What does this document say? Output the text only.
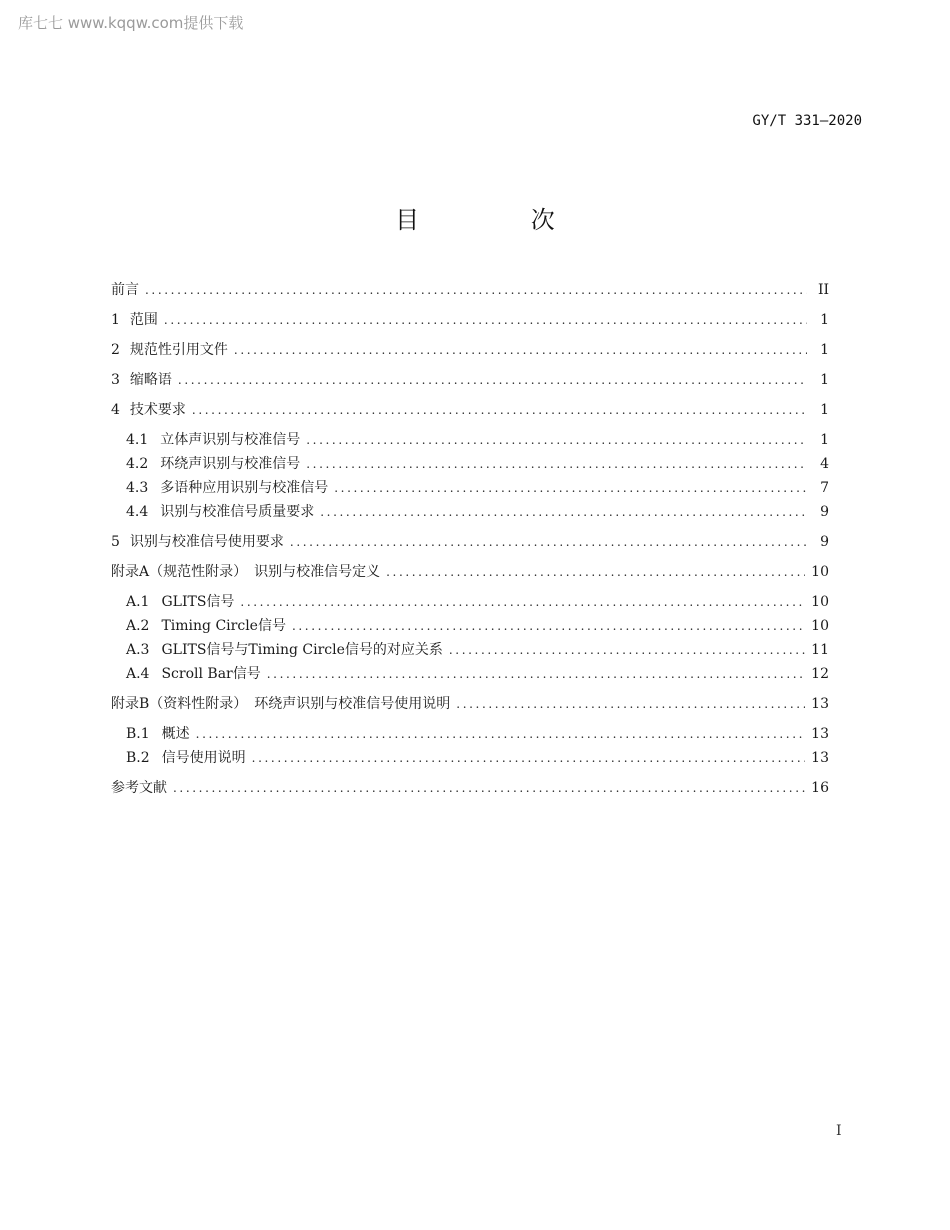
库七七 www.kqqw.com提供下载
GY/T 331—2020
目 次
前言 .....	II
1 范围 .....	1
2 规范性引用文件 .....	1
3 缩略语 .....	1
4 技术要求 .....	1
4.1 立体声识别与校准信号 .....	1
4.2 环绕声识别与校准信号 .....	4
4.3 多语种应用识别与校准信号 .....	7
4.4 识别与校准信号质量要求 .....	9
5 识别与校准信号使用要求 .....	9
附录A（规范性附录）　识别与校准信号定义 .....	10
A.1 GLITS信号 .....	10
A.2 Timing Circle信号 .....	10
A.3 GLITS信号与Timing Circle信号的对应关系 .....	11
A.4 Scroll Bar信号 .....	12
附录B（资料性附录）　环绕声识别与校准信号使用说明 .....	13
B.1 概述 .....	13
B.2 信号使用说明 .....	13
参考文献 .....	16
I
